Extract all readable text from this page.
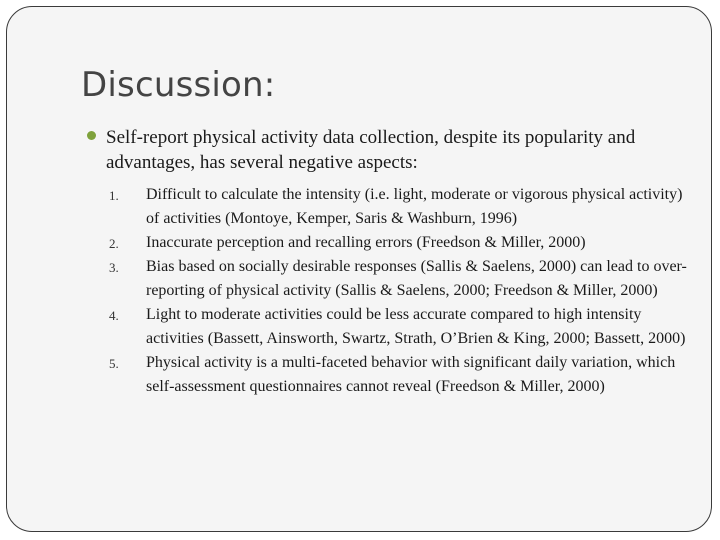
Discussion:
Self-report physical activity data collection, despite its popularity and advantages, has several negative aspects:
1. Difficult to calculate the intensity (i.e. light, moderate or vigorous physical activity) of activities (Montoye, Kemper, Saris & Washburn, 1996)
2. Inaccurate perception and recalling errors (Freedson & Miller, 2000)
3. Bias based on socially desirable responses (Sallis & Saelens, 2000) can lead to over-reporting of physical activity (Sallis & Saelens, 2000; Freedson & Miller, 2000)
4. Light to moderate activities could be less accurate compared to high intensity activities (Bassett, Ainsworth, Swartz, Strath, O’Brien & King, 2000; Bassett, 2000)
5. Physical activity is a multi-faceted behavior with significant daily variation, which self-assessment questionnaires cannot reveal (Freedson & Miller, 2000)
